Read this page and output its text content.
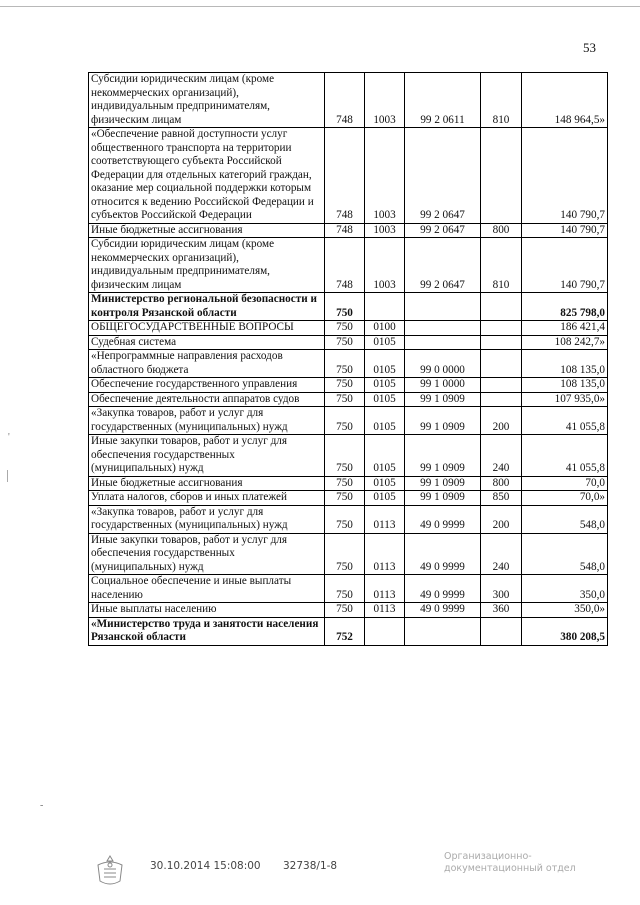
53
'
-
Субсидии юридическим лицам (кроме некоммерческих организаций), индивидуальным предпринимателям, физическим лицам	748	1003	99 2 0611	810	148 964,5»
«Обеспечение равной доступности услуг общественного транспорта на территории соответствующего субъекта Российской Федерации для отдельных категорий граждан, оказание мер социальной поддержки которым относится к ведению Российской Федерации и субъектов Российской Федерации	748	1003	99 2 0647		140 790,7
Иные бюджетные ассигнования	748	1003	99 2 0647	800	140 790,7
Субсидии юридическим лицам (кроме некоммерческих организаций), индивидуальным предпринимателям, физическим лицам	748	1003	99 2 0647	810	140 790,7
Министерство региональной безопасности и контроля Рязанской области	750				825 798,0
ОБЩЕГОСУДАРСТВЕННЫЕ ВОПРОСЫ	750	0100			186 421,4
Судебная система	750	0105			108 242,7»
«Непрограммные направления расходов областного бюджета	750	0105	99 0 0000		108 135,0
Обеспечение государственного управления	750	0105	99 1 0000		108 135,0
Обеспечение деятельности аппаратов судов	750	0105	99 1 0909		107 935,0»
«Закупка товаров, работ и услуг для государственных (муниципальных) нужд	750	0105	99 1 0909	200	41 055,8
Иные закупки товаров, работ и услуг для обеспечения государственных (муниципальных) нужд	750	0105	99 1 0909	240	41 055,8
Иные бюджетные ассигнования	750	0105	99 1 0909	800	70,0
Уплата налогов, сборов и иных платежей	750	0105	99 1 0909	850	70,0»
«Закупка товаров, работ и услуг для государственных (муниципальных) нужд	750	0113	49 0 9999	200	548,0
Иные закупки товаров, работ и услуг для обеспечения государственных (муниципальных) нужд	750	0113	49 0 9999	240	548,0
Социальное обеспечение и иные выплаты населению	750	0113	49 0 9999	300	350,0
Иные выплаты населению	750	0113	49 0 9999	360	350,0»
«Министерство труда и занятости населения Рязанской области	752				380 208,5
30.10.2014 15:08:00 32738/1-8
Организационно-
документационный отдел
